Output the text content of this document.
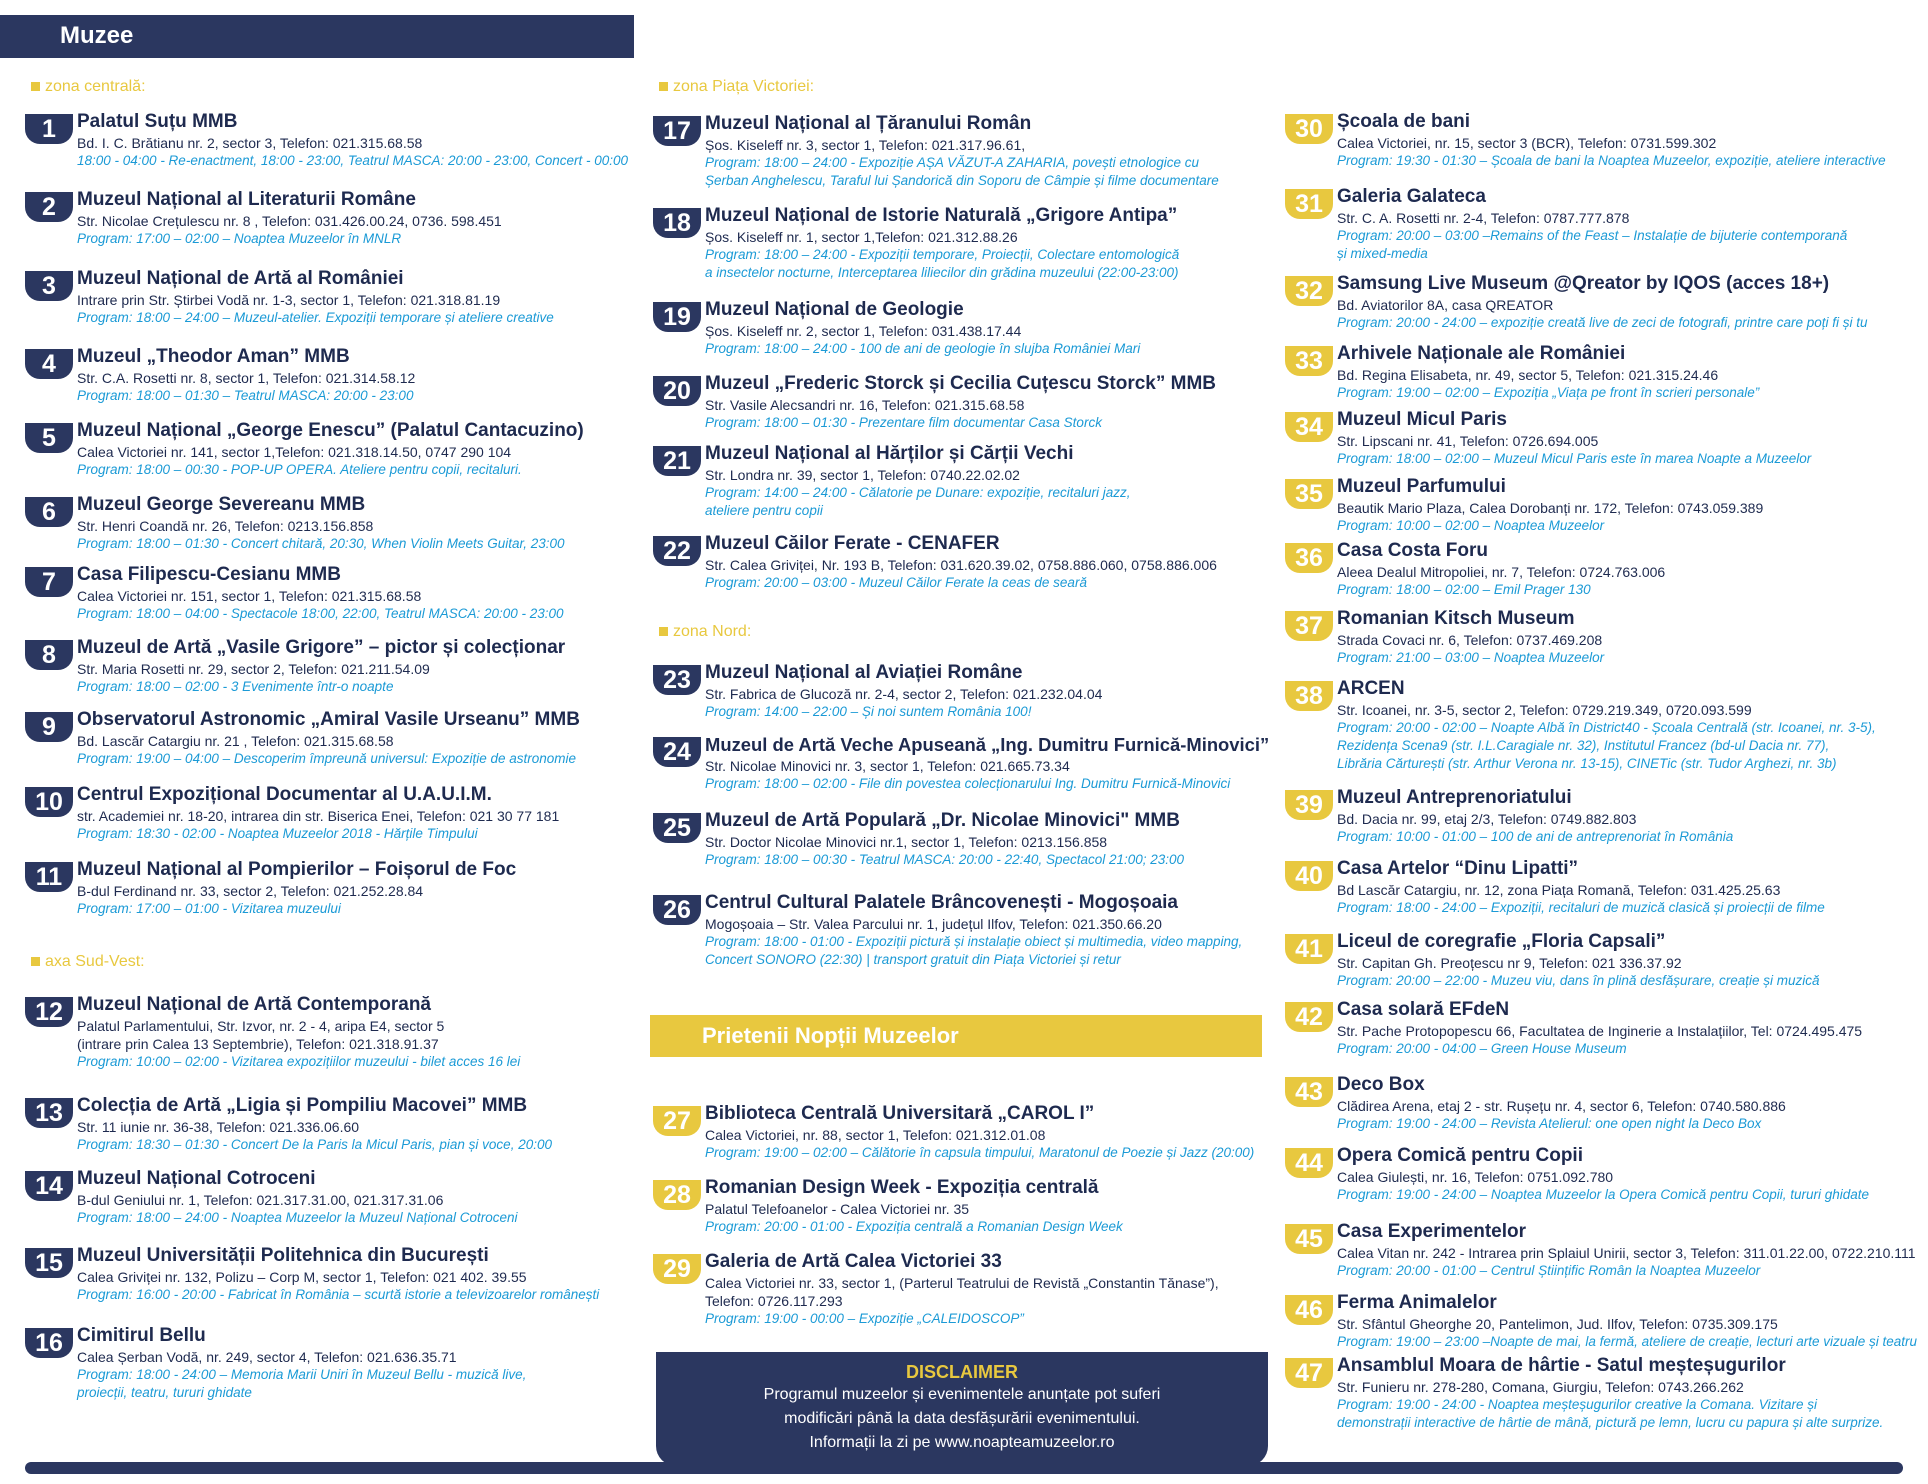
Muzee
zona centrală:
axa Sud-Vest:
1	Palatul Suțu MMB
Bd. I. C. Brătianu nr. 2, sector 3, Telefon: 021.315.68.58
18:00 - 04:00 - Re-enactment, 18:00 - 23:00, Teatrul MASCA: 20:00 - 23:00, Concert - 00:00
2	Muzeul Național al Literaturii Române
Str. Nicolae Crețulescu nr. 8 , Telefon: 031.426.00.24, 0736. 598.451
Program: 17:00 – 02:00 – Noaptea Muzeelor în MNLR
3	Muzeul Național de Artă al României
Intrare prin Str. Știrbei Vodă nr. 1-3, sector 1, Telefon: 021.318.81.19
Program: 18:00 – 24:00 – Muzeul-atelier. Expoziții temporare și ateliere creative
4	Muzeul „Theodor Aman” MMB
Str. C.A. Rosetti nr. 8, sector 1, Telefon: 021.314.58.12
Program: 18:00 – 01:30 – Teatrul MASCA: 20:00 - 23:00
5	Muzeul Național „George Enescu” (Palatul Cantacuzino)
Calea Victoriei nr. 141, sector 1,Telefon: 021.318.14.50, 0747 290 104
Program: 18:00 – 00:30 - POP-UP OPERA. Ateliere pentru copii, recitaluri.
6	Muzeul George Severeanu MMB
Str. Henri Coandă nr. 26, Telefon: 0213.156.858
Program: 18:00 – 01:30 - Concert chitară, 20:30, When Violin Meets Guitar, 23:00
7	Casa Filipescu-Cesianu MMB
Calea Victoriei nr. 151, sector 1, Telefon: 021.315.68.58
Program: 18:00 – 04:00 - Spectacole 18:00, 22:00, Teatrul MASCA: 20:00 - 23:00
8	Muzeul de Artă „Vasile Grigore” – pictor și colecționar
Str. Maria Rosetti nr. 29, sector 2, Telefon: 021.211.54.09
Program: 18:00 – 02:00 - 3 Evenimente într-o noapte
9	Observatorul Astronomic „Amiral Vasile Urseanu” MMB
Bd. Lascăr Catargiu nr. 21 , Telefon: 021.315.68.58
Program: 19:00 – 04:00 – Descoperim împreună universul: Expoziție de astronomie
10 Centrul Expozițional Documentar al U.A.U.I.M.
str. Academiei nr. 18-20, intrarea din str. Biserica Enei, Telefon: 021 30 77 181
Program: 18:30 - 02:00 - Noaptea Muzeelor 2018 - Hărțile Timpului
11 Muzeul Național al Pompierilor – Foișorul de Foc
B-dul Ferdinand nr. 33, sector 2, Telefon: 021.252.28.84
Program: 17:00 – 01:00 - Vizitarea muzeului
12 Muzeul Național de Artă Contemporană
Palatul Parlamentului, Str. Izvor, nr. 2 - 4, aripa E4, sector 5
(intrare prin Calea 13 Septembrie), Telefon: 021.318.91.37
Program: 10:00 – 02:00 - Vizitarea expozițiilor muzeului - bilet acces 16 lei
13 Colecția de Artă „Ligia și Pompiliu Macovei” MMB
Str. 11 iunie nr. 36-38, Telefon: 021.336.06.60
Program: 18:30 – 01:30 - Concert De la Paris la Micul Paris, pian și voce, 20:00
14 Muzeul Național Cotroceni
B-dul Geniului nr. 1, Telefon: 021.317.31.00, 021.317.31.06
Program: 18:00 – 24:00 - Noaptea Muzeelor la Muzeul Național Cotroceni
15 Muzeul Universității Politehnica din București
Calea Griviței nr. 132, Polizu – Corp M, sector 1, Telefon: 021 402. 39.55
Program: 16:00 - 20:00 - Fabricat în România – scurtă istorie a televizoarelor românești
16 Cimitirul Bellu
Calea Șerban Vodă, nr. 249, sector 4, Telefon: 021.636.35.71
Program: 18:00 - 24:00 – Memoria Marii Uniri în Muzeul Bellu - muzică live,
proiecții, teatru, tururi ghidate
zona Piața Victoriei:
zona Nord:
17 Muzeul Național al Țăranului Român
Șos. Kiseleff nr. 3, sector 1, Telefon: 021.317.96.61,
Program: 18:00 – 24:00 - Expoziție AȘA VĂZUT-A ZAHARIA, povești etnologice cu
Șerban Anghelescu, Taraful lui Șandorică din Soporu de Câmpie și filme documentare
18 Muzeul Național de Istorie Naturală „Grigore Antipa”
Șos. Kiseleff nr. 1, sector 1,Telefon: 021.312.88.26
Program: 18:00 – 24:00 - Expoziții temporare, Proiecții, Colectare entomologică
a insectelor nocturne, Interceptarea liliecilor din grădina muzeului (22:00-23:00)
19 Muzeul Național de Geologie
Șos. Kiseleff nr. 2, sector 1, Telefon: 031.438.17.44
Program: 18:00 – 24:00 - 100 de ani de geologie în slujba României Mari
20 Muzeul „Frederic Storck și Cecilia Cuțescu Storck” MMB
Str. Vasile Alecsandri nr. 16, Telefon: 021.315.68.58
Program: 18:00 – 01:30 - Prezentare film documentar Casa Storck
21 Muzeul Național al Hărților și Cărții Vechi
Str. Londra nr. 39, sector 1, Telefon: 0740.22.02.02
Program: 14:00 – 24:00 - Călatorie pe Dunare: expoziție, recitaluri jazz,
ateliere pentru copii
22 Muzeul Căilor Ferate - CENAFER
Str. Calea Griviței, Nr. 193 B, Telefon: 031.620.39.02, 0758.886.060, 0758.886.006
Program: 20:00 – 03:00 - Muzeul Căilor Ferate la ceas de seară
23 Muzeul Național al Aviației Române
Str. Fabrica de Glucoză nr. 2-4, sector 2, Telefon: 021.232.04.04
Program: 14:00 – 22:00 – Și noi suntem România 100!
24 Muzeul de Artă Veche Apuseană „Ing. Dumitru Furnică-Minovici”
Str. Nicolae Minovici nr. 3, sector 1, Telefon: 021.665.73.34
Program: 18:00 – 02:00 - File din povestea colecționarului Ing. Dumitru Furnică-Minovici
25 Muzeul de Artă Populară „Dr. Nicolae Minovici" MMB
Str. Doctor Nicolae Minovici nr.1, sector 1, Telefon: 0213.156.858
Program: 18:00 – 00:30 - Teatrul MASCA: 20:00 - 22:40, Spectacol 21:00; 23:00
26 Centrul Cultural Palatele Brâncovenești - Mogoșoaia
Mogoșoaia – Str. Valea Parcului nr. 1, județul Ilfov, Telefon: 021.350.66.20
Program: 18:00 - 01:00 - Expoziții pictură și instalație obiect și multimedia, video mapping,
Concert SONORO (22:30) | transport gratuit din Piața Victoriei și retur
27 Biblioteca Centrală Universitară „CAROL I”
Calea Victoriei, nr. 88, sector 1, Telefon: 021.312.01.08
Program: 19:00 – 02:00 – Călătorie în capsula timpului, Maratonul de Poezie și Jazz (20:00)
28 Romanian Design Week - Expoziția centrală
Palatul Telefoanelor - Calea Victoriei nr. 35
Program: 20:00 - 01:00 - Expoziția centrală a Romanian Design Week
29 Galeria de Artă Calea Victoriei 33
Calea Victoriei nr. 33, sector 1, (Parterul Teatrului de Revistă „Constantin Tănase”),
Telefon: 0726.117.293
Program: 19:00 - 00:00 – Expoziție „CALEIDOSCOP”
30 Școala de bani
Calea Victoriei, nr. 15, sector 3 (BCR), Telefon: 0731.599.302
Program: 19:30 - 01:30 – Școala de bani la Noaptea Muzeelor, expoziție, ateliere interactive
31 Galeria Galateca
Str. C. A. Rosetti nr. 2-4, Telefon: 0787.777.878
Program: 20:00 – 03:00 –Remains of the Feast – Instalație de bijuterie contemporană
și mixed-media
32 Samsung Live Museum @Qreator by IQOS (acces 18+)
Bd. Aviatorilor 8A, casa QREATOR
Program: 20:00 - 24:00 – expoziție creată live de zeci de fotografi, printre care poți fi și tu
33 Arhivele Naționale ale României
Bd. Regina Elisabeta, nr. 49, sector 5, Telefon: 021.315.24.46
Program: 19:00 – 02:00 – Expoziția „Viața pe front în scrieri personale”
34 Muzeul Micul Paris
Str. Lipscani nr. 41, Telefon: 0726.694.005
Program: 18:00 – 02:00 – Muzeul Micul Paris este în marea Noapte a Muzeelor
35 Muzeul Parfumului
Beautik Mario Plaza, Calea Dorobanți nr. 172, Telefon: 0743.059.389
Program: 10:00 – 02:00 – Noaptea Muzeelor
36 Casa Costa Foru
Aleea Dealul Mitropoliei, nr. 7, Telefon: 0724.763.006
Program: 18:00 – 02:00 – Emil Prager 130
37 Romanian Kitsch Museum
Strada Covaci nr. 6, Telefon: 0737.469.208
Program: 21:00 – 03:00 – Noaptea Muzeelor
38 ARCEN
Str. Icoanei, nr. 3-5, sector 2, Telefon: 0729.219.349, 0720.093.599
Program: 20:00 - 02:00 – Noapte Albă în District40 - Școala Centrală (str. Icoanei, nr. 3-5),
Rezidența Scena9 (str. I.L.Caragiale nr. 32), Institutul Francez (bd-ul Dacia nr. 77),
Librăria Cărturești (str. Arthur Verona nr. 13-15), CINETic (str. Tudor Arghezi, nr. 3b)
39 Muzeul Antreprenoriatului
Bd. Dacia nr. 99, etaj 2/3, Telefon: 0749.882.803
Program: 10:00 - 01:00 – 100 de ani de antreprenoriat în România
40 Casa Artelor “Dinu Lipatti”
Bd Lascăr Catargiu, nr. 12, zona Piața Romană, Telefon: 031.425.25.63
Program: 18:00 - 24:00 – Expoziții, recitaluri de muzică clasică și proiecții de filme
41 Liceul de coregrafie „Floria Capsali”
Str. Capitan Gh. Preoțescu nr 9, Telefon: 021 336.37.92
Program: 20:00 – 22:00 - Muzeu viu, dans în plină desfășurare, creație și muzică
42 Casa solară EFdeN
Str. Pache Protopopescu 66, Facultatea de Inginerie a Instalațiilor, Tel: 0724.495.475
Program: 20:00 - 04:00 – Green House Museum
43 Deco Box
Clădirea Arena, etaj 2 - str. Rușețu nr. 4, sector 6, Telefon: 0740.580.886
Program: 19:00 - 24:00 – Revista Atelierul: one open night la Deco Box
44 Opera Comică pentru Copii
Calea Giulești, nr. 16, Telefon: 0751.092.780
Program: 19:00 - 24:00 – Noaptea Muzeelor la Opera Comică pentru Copii, tururi ghidate
45 Casa Experimentelor
Calea Vitan nr. 242 - Intrarea prin Splaiul Unirii, sector 3, Telefon: 311.01.22.00, 0722.210.111
Program: 20:00 - 01:00 – Centrul Științific Român la Noaptea Muzeelor
46 Ferma Animalelor
Str. Sfântul Gheorghe 20, Pantelimon, Jud. Ilfov, Telefon: 0735.309.175
Program: 19:00 – 23:00 –Noapte de mai, la fermă, ateliere de creație, lecturi arte vizuale și teatru
47 Ansamblul Moara de hârtie - Satul meșteșugurilor
Str. Funieru nr. 278-280, Comana, Giurgiu, Telefon: 0743.266.262
Program: 19:00 - 24:00 - Noaptea meșteșugurilor creative la Comana. Vizitare și
demonstrații interactive de hârtie de mână, pictură pe lemn, lucru cu papura și alte surprize.
Prietenii Nopții Muzeelor
DISCLAIMER
Programul muzeelor și evenimentele anunțate pot suferi
modificări până la data desfășurării evenimentului.
Informații la zi pe www.noapteamuzeelor.ro
